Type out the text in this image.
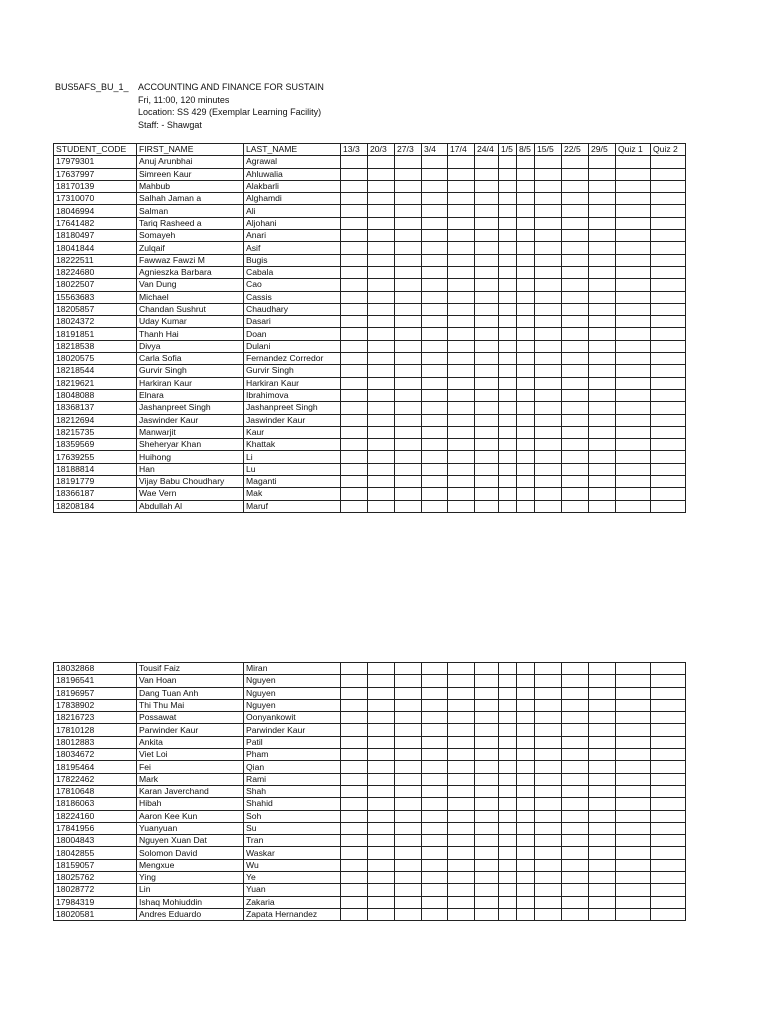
BUS5AFS_BU_1_ ACCOUNTING AND FINANCE FOR SUSTAIN
Fri, 11:00, 120 minutes
Location: SS 429 (Exemplar Learning Facility)
Staff: - Shawgat
STUDENT_CODE	FIRST_NAME	LAST_NAME	13/3	20/3	27/3	3/4	17/4	24/4	1/5	8/5	15/5	22/5	29/5	Quiz 1	Quiz 2
17979301	Anuj Arunbhai	Agrawal													
17637997	Simreen Kaur	Ahluwalia													
18170139	Mahbub	Alakbarli													
17310070	Salhah Jaman a	Alghamdi													
18046994	Salman	Ali													
17641482	Tariq Rasheed a	Aljohani													
18180497	Somayeh	Anari													
18041844	Zulqaif	Asif													
18222511	Fawwaz Fawzi M	Bugis													
18224680	Agnieszka Barbara	Cabala													
18022507	Van Dung	Cao													
15563683	Michael	Cassis													
18205857	Chandan Sushrut	Chaudhary													
18024372	Uday Kumar	Dasari													
18191851	Thanh Hai	Doan													
18218538	Divya	Dulani													
18020575	Carla Sofia	Fernandez Corredor													
18218544	Gurvir Singh	Gurvir Singh													
18219621	Harkiran Kaur	Harkiran Kaur													
18048088	Elnara	Ibrahimova													
18368137	Jashanpreet Singh	Jashanpreet Singh													
18212694	Jaswinder Kaur	Jaswinder Kaur													
18215735	Manwarjit	Kaur													
18359569	Sheheryar Khan	Khattak													
17639255	Huihong	Li													
18188814	Han	Lu													
18191779	Vijay Babu Choudhary	Maganti													
18366187	Wae Vern	Mak													
18208184	Abdullah Al	Maruf													
18032868	Tousif Faiz	Miran													
18196541	Van Hoan	Nguyen													
18196957	Dang Tuan Anh	Nguyen													
17838902	Thi Thu Mai	Nguyen													
18216723	Possawat	Oonyankowit													
17810128	Parwinder Kaur	Parwinder Kaur													
18012883	Ankita	Patil													
18034672	Viet Loi	Pham													
18195464	Fei	Qian													
17822462	Mark	Rami													
17810648	Karan Javerchand	Shah													
18186063	Hibah	Shahid													
18224160	Aaron Kee Kun	Soh													
17841956	Yuanyuan	Su													
18004843	Nguyen Xuan Dat	Tran													
18042855	Solomon David	Waskar													
18159057	Mengxue	Wu													
18025762	Ying	Ye													
18028772	Lin	Yuan													
17984319	Ishaq Mohiuddin	Zakaria													
18020581	Andres Eduardo	Zapata Hernandez													
